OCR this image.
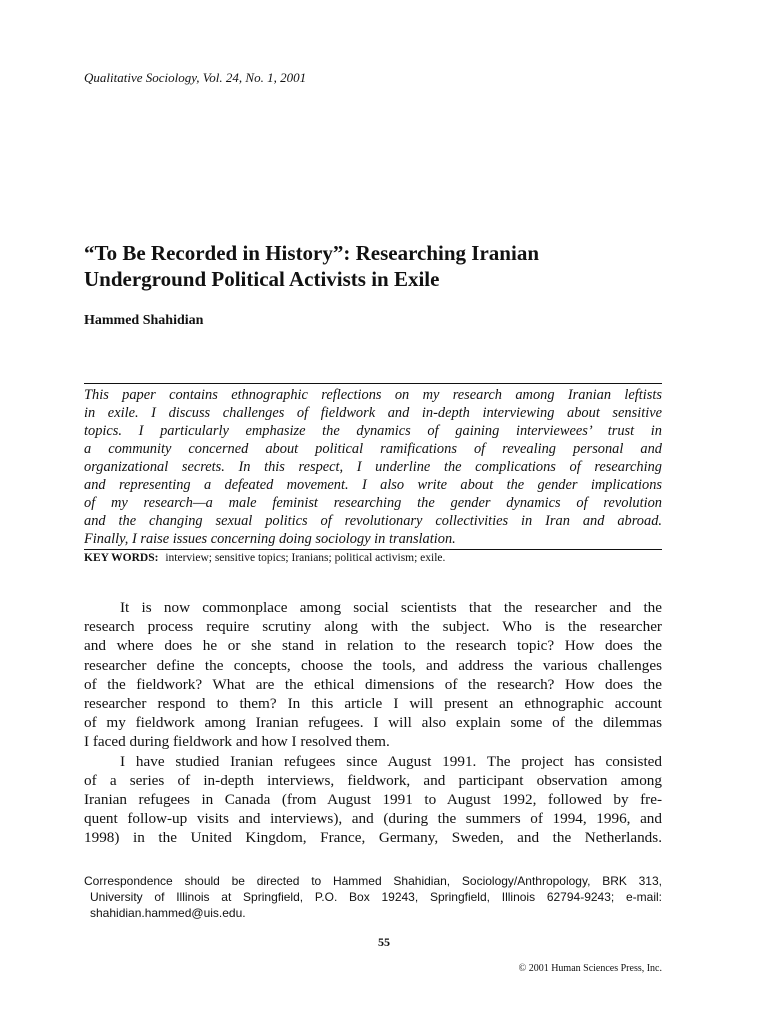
Qualitative Sociology, Vol. 24, No. 1, 2001
“To Be Recorded in History”: Researching Iranian
Underground Political Activists in Exile
Hammed Shahidian
This paper contains ethnographic reflections on my research among Iranian leftists
in exile. I discuss challenges of fieldwork and in-depth interviewing about sensitive
topics. I particularly emphasize the dynamics of gaining interviewees’ trust in
a community concerned about political ramifications of revealing personal and
organizational secrets. In this respect, I underline the complications of researching
and representing a defeated movement. I also write about the gender implications
of my research—a male feminist researching the gender dynamics of revolution
and the changing sexual politics of revolutionary collectivities in Iran and abroad.
Finally, I raise issues concerning doing sociology in translation.
KEY WORDS: interview; sensitive topics; Iranians; political activism; exile.
It is now commonplace among social scientists that the researcher and the
research process require scrutiny along with the subject. Who is the researcher
and where does he or she stand in relation to the research topic? How does the
researcher define the concepts, choose the tools, and address the various challenges
of the fieldwork? What are the ethical dimensions of the research? How does the
researcher respond to them? In this article I will present an ethnographic account
of my fieldwork among Iranian refugees. I will also explain some of the dilemmas
I faced during fieldwork and how I resolved them.
I have studied Iranian refugees since August 1991. The project has consisted
of a series of in-depth interviews, fieldwork, and participant observation among
Iranian refugees in Canada (from August 1991 to August 1992, followed by fre-
quent follow-up visits and interviews), and (during the summers of 1994, 1996, and
1998) in the United Kingdom, France, Germany, Sweden, and the Netherlands.
Correspondence should be directed to Hammed Shahidian, Sociology/Anthropology, BRK 313,
University of Illinois at Springfield, P.O. Box 19243, Springfield, Illinois 62794-9243; e-mail:
shahidian.hammed@uis.edu.
55
© 2001 Human Sciences Press, Inc.
